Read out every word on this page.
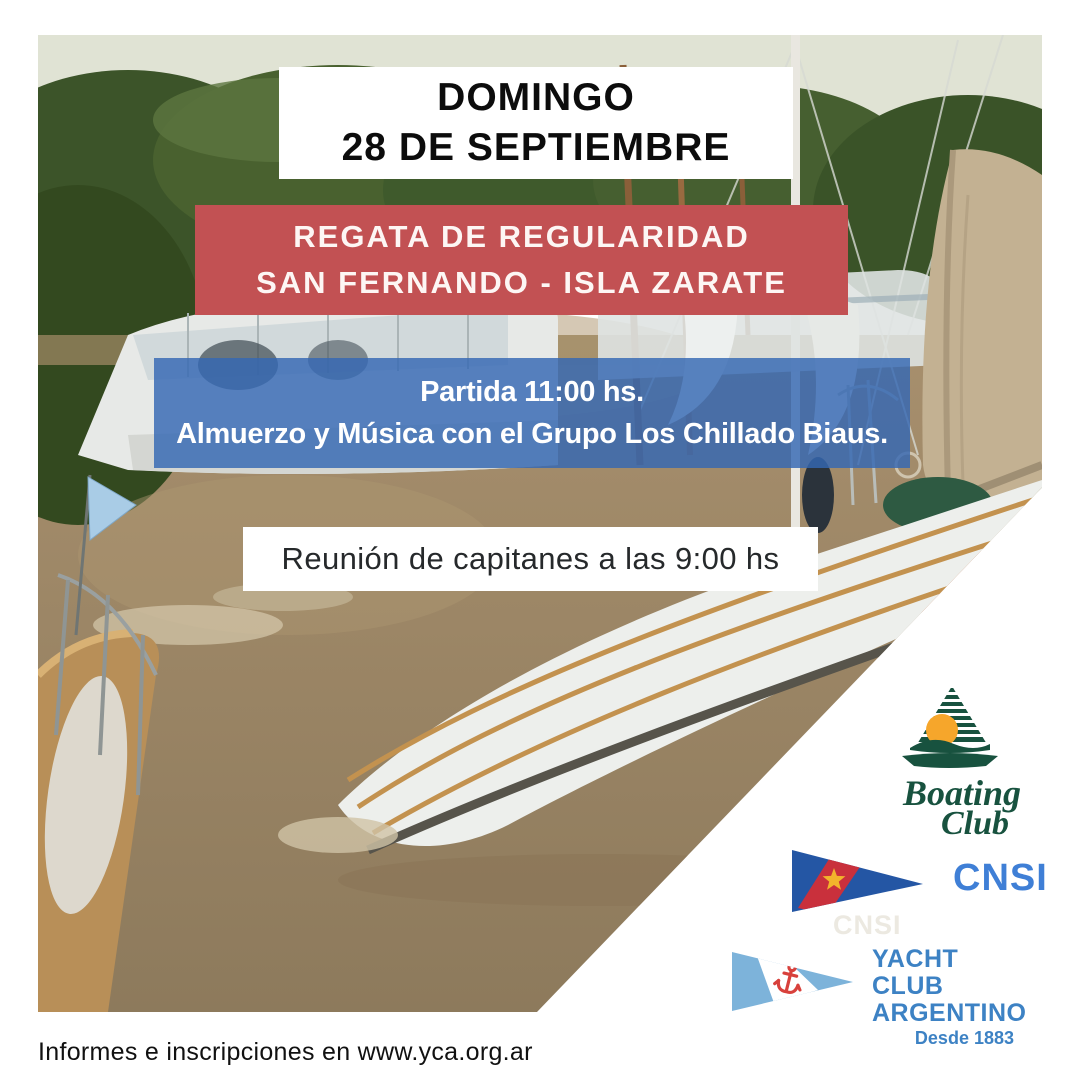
DOMINGO
28 DE SEPTIEMBRE
REGATA DE REGULARIDAD
SAN FERNANDO - ISLA ZARATE
Partida 11:00 hs.
Almuerzo y Música con el Grupo Los Chillado Biaus.
Reunión de capitanes a las 9:00 hs
Boating
Club
CNSI
CNSI
YACHT CLUB
ARGENTINO
Desde 1883
Informes e inscripciones en www.yca.org.ar
